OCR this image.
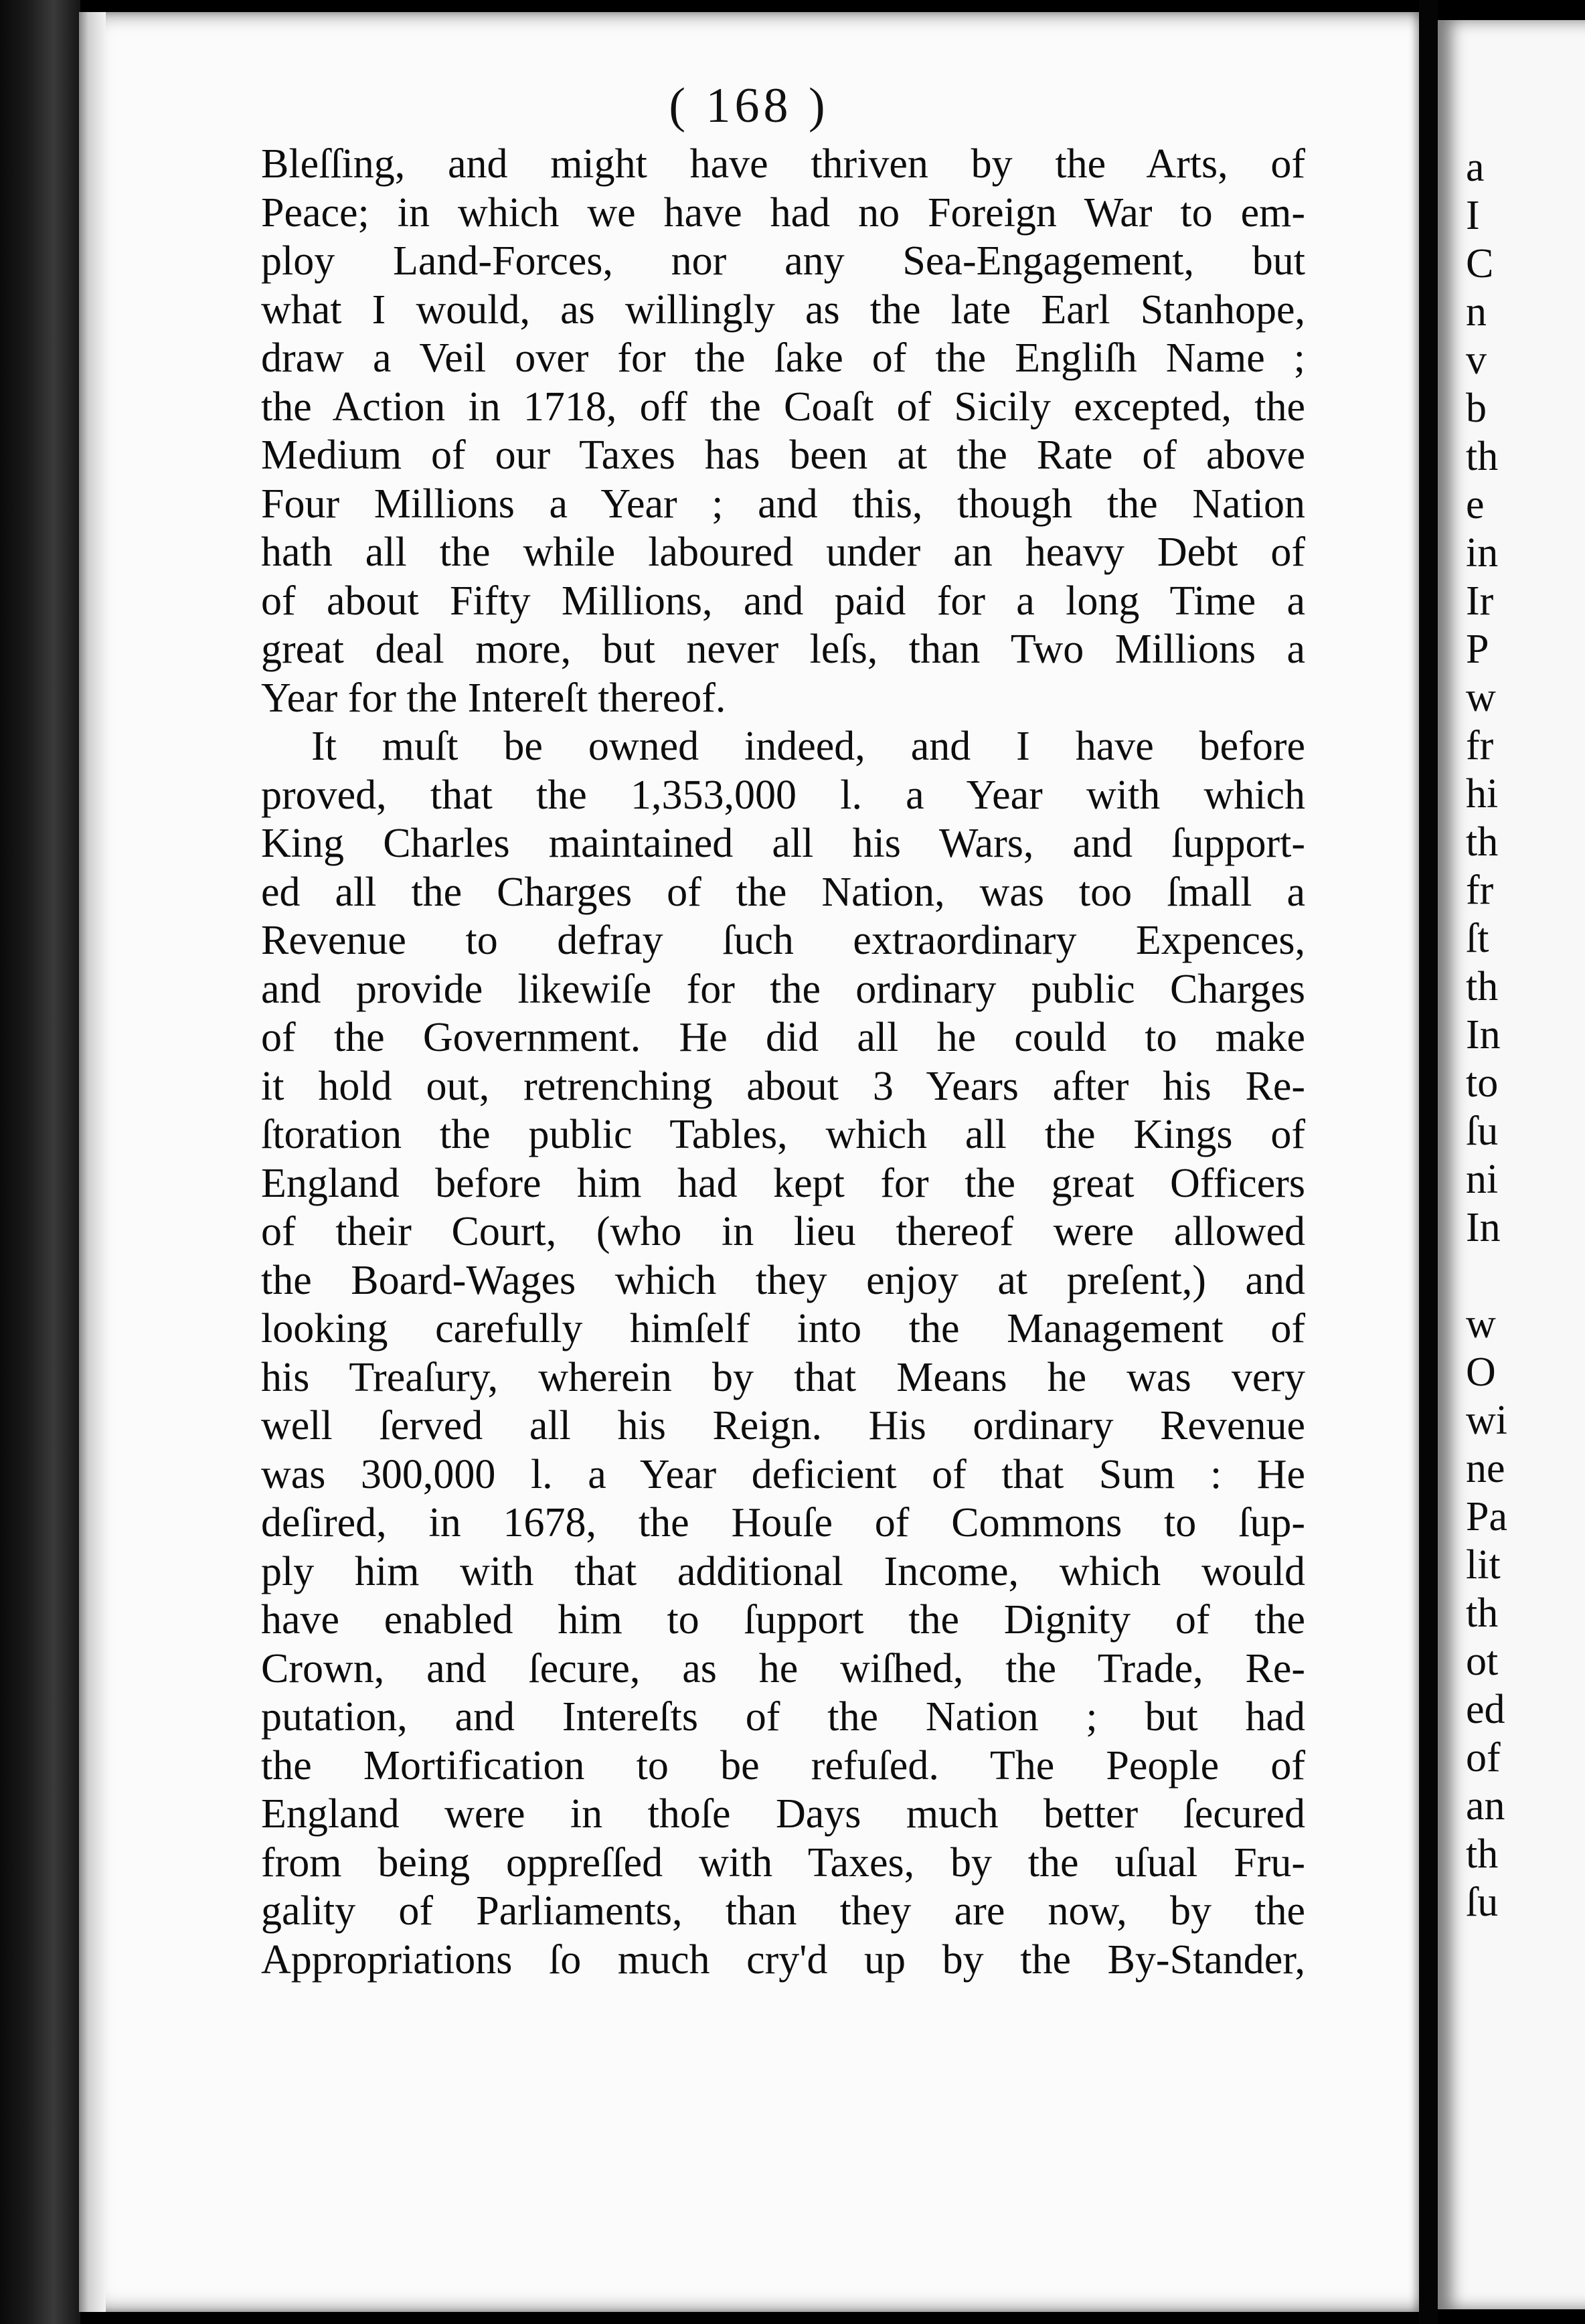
( 168 )
Bleſſing, and might have thriven by the Arts, of
Peace; in which we have had no Foreign War to em-
ploy Land-Forces, nor any Sea-Engagement, but
what I would, as willingly as the late Earl Stanhope,
draw a Veil over for the ſake of the Engliſh Name ;
the Action in 1718, off the Coaſt of Sicily excepted, the
Medium of our Taxes has been at the Rate of above
Four Millions a Year ; and this, though the Nation
hath all the while laboured under an heavy Debt of
of about Fifty Millions, and paid for a long Time a
great deal more, but never leſs, than Two Millions a
Year for the Intereſt thereof.
It muſt be owned indeed, and I have before
proved, that the 1,353,000 l. a Year with which
King Charles maintained all his Wars, and ſupport-
ed all the Charges of the Nation, was too ſmall a
Revenue to defray ſuch extraordinary Expences,
and provide likewiſe for the ordinary public Charges
of the Government. He did all he could to make
it hold out, retrenching about 3 Years after his Re-
ſtoration the public Tables, which all the Kings of
England before him had kept for the great Officers
of their Court, (who in lieu thereof were allowed
the Board-Wages which they enjoy at preſent,) and
looking carefully himſelf into the Management of
his Treaſury, wherein by that Means he was very
well ſerved all his Reign. His ordinary Revenue
was 300,000 l. a Year deficient of that Sum : He
deſired, in 1678, the Houſe of Commons to ſup-
ply him with that additional Income, which would
have enabled him to ſupport the Dignity of the
Crown, and ſecure, as he wiſhed, the Trade, Re-
putation, and Intereſts of the Nation ; but had
the Mortification to be refuſed. The People of
England were in thoſe Days much better ſecured
from being oppreſſed with Taxes, by the uſual Fru-
gality of Parliaments, than they are now, by the
Appropriations ſo much cry'd up by the By-Stander,
a
I
C
n
v
b
th
e
in
Ir
P
w
fr
hi
th
fr
ſt
th
In
to
ſu
ni
In
w
O
wi
ne
Pa
lit
th
ot
ed
of
an
th
ſu
